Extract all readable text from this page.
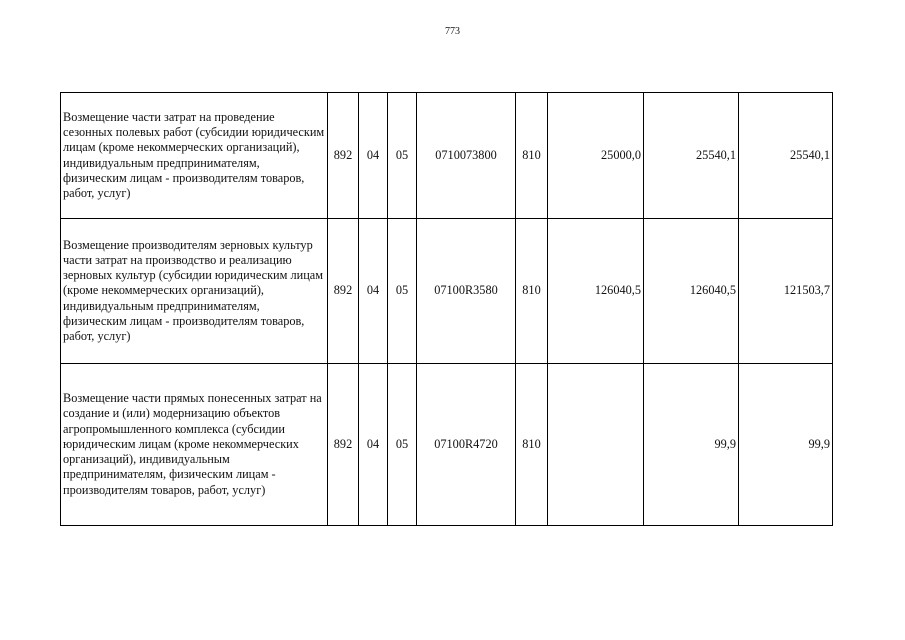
773
Возмещение части затрат на проведение сезонных полевых работ (субсидии юридическим лицам (кроме некоммерческих организаций), индивидуальным предпринимателям, физическим лицам - производителям товаров, работ, услуг)	892	04	05	0710073800	810	25000,0	25540,1	25540,1
Возмещение производителям зерновых культур части затрат на производство и реализацию зерновых культур (субсидии юридическим лицам (кроме некоммерческих организаций), индивидуальным предпринимателям, физическим лицам - производителям товаров, работ, услуг)	892	04	05	07100R3580	810	126040,5	126040,5	121503,7
Возмещение части прямых понесенных затрат на создание и (или) модернизацию объектов агропромышленного комплекса (субсидии юридическим лицам (кроме некоммерческих организаций), индивидуальным предпринимателям, физическим лицам - производителям товаров, работ, услуг)	892	04	05	07100R4720	810		99,9	99,9
